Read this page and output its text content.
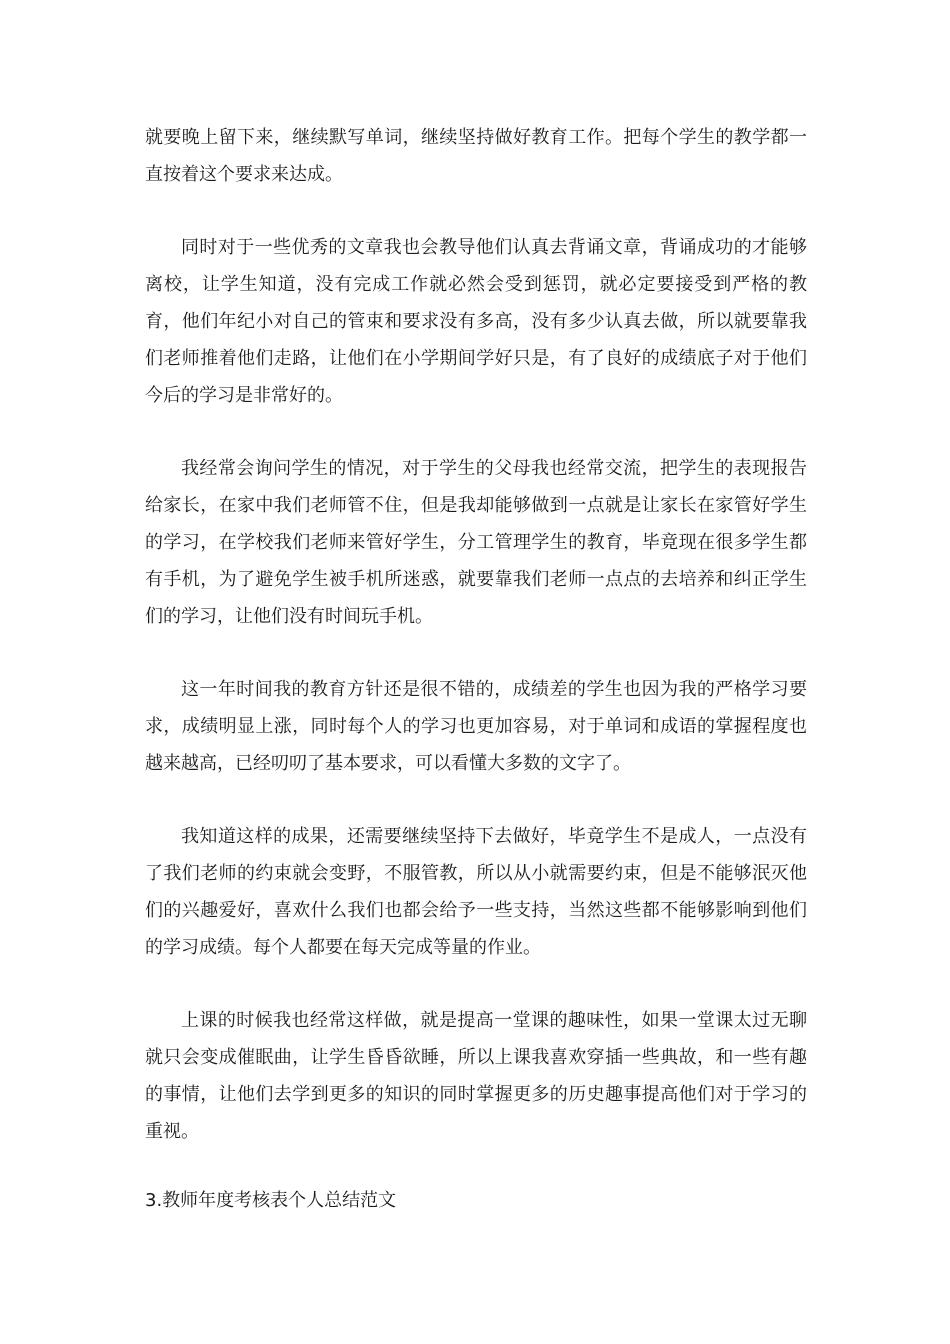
就要晚上留下来，继续默写单词，继续坚持做好教育工作。把每个学生的教学都一直按着这个要求来达成。

同时对于一些优秀的文章我也会教导他们认真去背诵文章，背诵成功的才能够离校，让学生知道，没有完成工作就必然会受到惩罚，就必定要接受到严格的教育，他们年纪小对自己的管束和要求没有多高，没有多少认真去做，所以就要靠我们老师推着他们走路，让他们在小学期间学好只是，有了良好的成绩底子对于他们今后的学习是非常好的。

我经常会询问学生的情况，对于学生的父母我也经常交流，把学生的表现报告给家长，在家中我们老师管不住，但是我却能够做到一点就是让家长在家管好学生的学习，在学校我们老师来管好学生，分工管理学生的教育，毕竟现在很多学生都有手机，为了避免学生被手机所迷惑，就要靠我们老师一点点的去培养和纠正学生们的学习，让他们没有时间玩手机。

这一年时间我的教育方针还是很不错的，成绩差的学生也因为我的严格学习要求，成绩明显上涨，同时每个人的学习也更加容易，对于单词和成语的掌握程度也越来越高，已经叨叨了基本要求，可以看懂大多数的文字了。

我知道这样的成果，还需要继续坚持下去做好，毕竟学生不是成人，一点没有了我们老师的约束就会变野，不服管教，所以从小就需要约束，但是不能够泯灭他们的兴趣爱好，喜欢什么我们也都会给予一些支持，当然这些都不能够影响到他们的学习成绩。每个人都要在每天完成等量的作业。

上课的时候我也经常这样做，就是提高一堂课的趣味性，如果一堂课太过无聊就只会变成催眠曲，让学生昏昏欲睡，所以上课我喜欢穿插一些典故，和一些有趣的事情，让他们去学到更多的知识的同时掌握更多的历史趣事提高他们对于学习的重视。

3.教师年度考核表个人总结范文
